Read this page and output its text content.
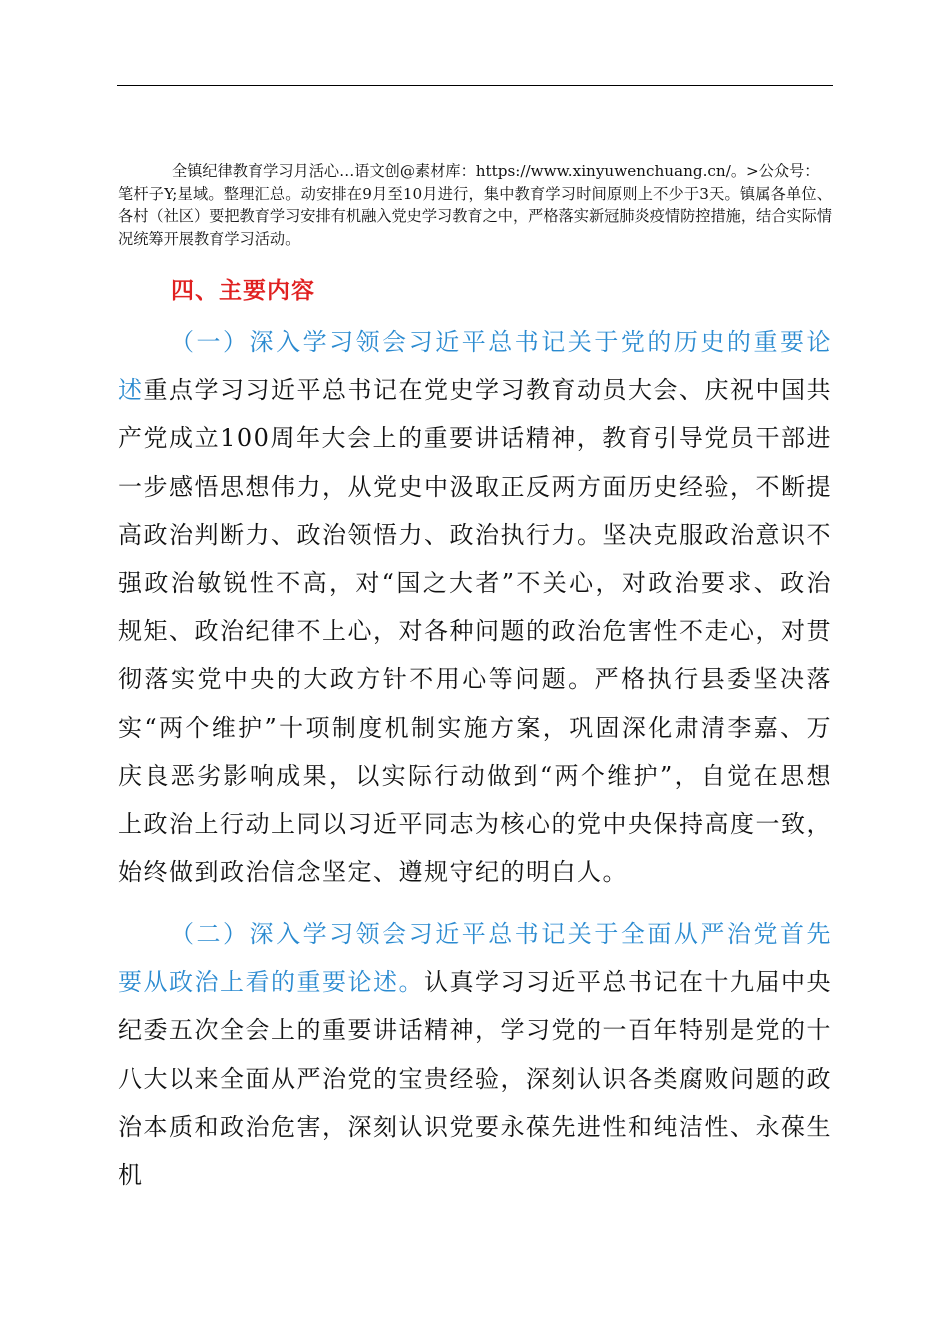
全镇纪律教育学习月活心…语文创@素材库：https://www.xinyuwenchuang.cn/。>公众号：
笔杆子Y;星域。整理汇总。动安排在9月至10月进行，集中教育学习时间原则上不少于3天。镇属各单位、各村（社区）要把教育学习安排有机融入党史学习教育之中，严格落实新冠肺炎疫情防控措施，结合实际情况统筹开展教育学习活动。
四、主要内容
（一）深入学习领会习近平总书记关于党的历史的重要论述重点学习习近平总书记在党史学习教育动员大会、庆祝中国共产党成立100周年大会上的重要讲话精神，教育引导党员干部进一步感悟思想伟力，从党史中汲取正反两方面历史经验，不断提高政治判断力、政治领悟力、政治执行力。坚决克服政治意识不强政治敏锐性不高，对“国之大者”不关心，对政治要求、政治规矩、政治纪律不上心，对各种问题的政治危害性不走心，对贯彻落实党中央的大政方针不用心等问题。严格执行县委坚决落实“两个维护”十项制度机制实施方案，巩固深化肃清李嘉、万庆良恶劣影响成果，以实际行动做到“两个维护”，自觉在思想上政治上行动上同以习近平同志为核心的党中央保持高度一致，始终做到政治信念坚定、遵规守纪的明白人。
（二）深入学习领会习近平总书记关于全面从严治党首先要从政治上看的重要论述。认真学习习近平总书记在十九届中央纪委五次全会上的重要讲话精神，学习党的一百年特别是党的十八大以来全面从严治党的宝贵经验，深刻认识各类腐败问题的政治本质和政治危害，深刻认识党要永葆先进性和纯洁性、永葆生机
